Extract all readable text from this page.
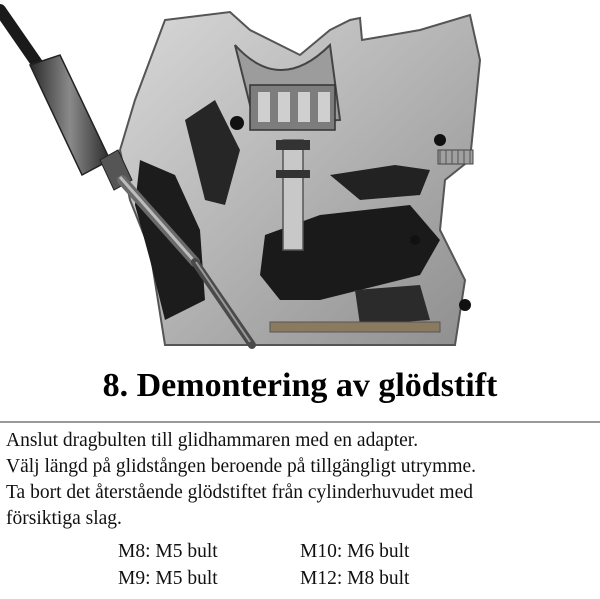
8. Demontering av glödstift

Anslut dragbulten till glidhammaren med en adapter.

Välj längd på glidstången beroende på tillgängligt utrymme.

Ta bort det återstående glödstiftet från cylinderhuvudet med

försiktiga slag.

M8: M5 bult	M10: M6 bult
M9: M5 bult	M12: M8 bult
